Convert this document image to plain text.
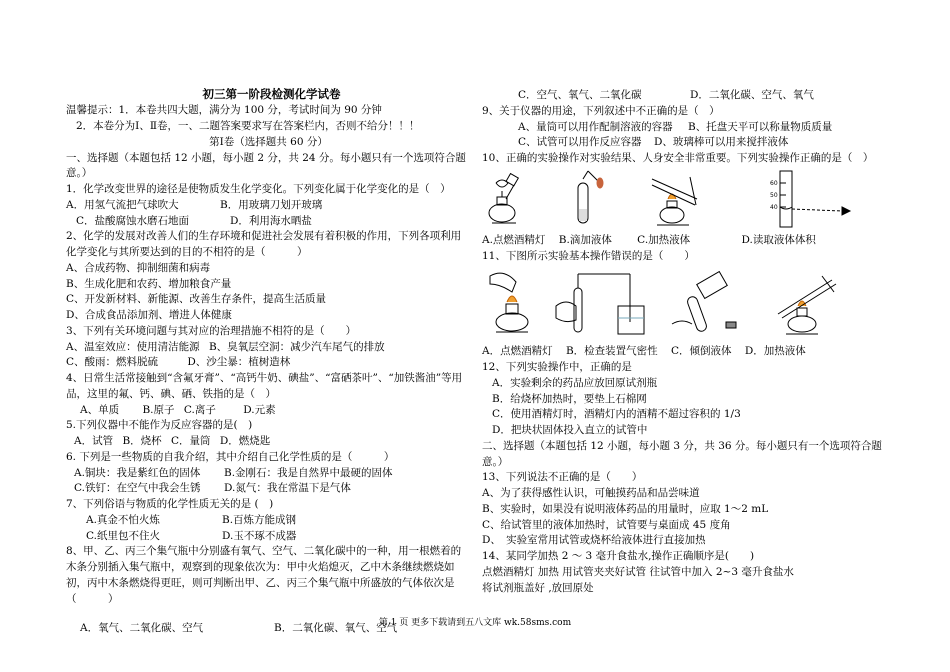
初三第一阶段检测化学试卷

温馨提示：1．本卷共四大题，满分为 100 分，考试时间为 90 分钟

2．本卷分为Ⅰ、Ⅱ卷，一、二题答案要求写在答案栏内，否则不给分！！！

第Ⅰ卷（选择题共 60 分）

一、选择题（本题包括 12 小题，每小题 2 分，共 24 分。每小题只有一个选项符合题意。）

1．化学改变世界的途径是使物质发生化学变化。下列变化属于化学变化的是（　）

A．用氢气流把气球吹大	B．用玻璃刀划开玻璃

C．盐酸腐蚀水磨石地面	D．利用海水晒盐

2、化学的发展对改善人们的生存环境和促进社会发展有着积极的作用，下列各项利用化学变化与其所要达到的目的不相符的是（　　　）

A、合成药物、抑制细菌和病毒

B、生成化肥和农药、增加粮食产量

C、开发新材料、新能源、改善生存条件，提高生活质量

D、合成食品添加剂、增进人体健康

3、下列有关环境问题与其对应的治理措施不相符的是（　　）

A、温室效应：使用清洁能源 B、臭氧层空洞：减少汽车尾气的排放

C、酸雨：燃料脱硫	D、沙尘暴：植树造林

4、日常生活常接触到“含氟牙膏”、“高钙牛奶、碘盐”、“富硒茶叶”、“加铁酱油”等用品，这里的氟、钙、碘、硒、铁指的是（　）

A、单质 B.原子 C.离子	D.元素

5.下列仪器中不能作为反应容器的是(　)

A．试管 B．烧杯 C．量筒 D．燃烧匙

6. 下列是一些物质的自我介绍，其中介绍自己化学性质的是（　　　）

A.铜块：我是紫红色的固体	B.金刚石：我是自然界中最硬的固体

C.铁钉：在空气中我会生锈	D.氮气：我在常温下是气体

7、下列俗语与物质的化学性质无关的是 (　)

A.真金不怕火炼	B.百炼方能成钢

C.纸里包不住火	D.玉不琢不成器

8、甲、乙、丙三个集气瓶中分别盛有氧气、空气、二氧化碳中的一种，用一根燃着的木条分别插入集气瓶中，观察到的现象依次为：甲中火焰熄灭，乙中木条继续燃烧如初，丙中木条燃烧得更旺，则可判断出甲、乙、丙三个集气瓶中所盛放的气体依次是（　　　）

A．氧气、二氧化碳、空气	B．二氧化碳、氧气、空气

C．空气、氧气、二氧化碳	D．二氧化碳、空气、氧气

9、关于仪器的用途，下列叙述中不正确的是（　）

A、量筒可以用作配制溶液的容器	B、托盘天平可以称量物质质量

C、试管可以用作反应容器	D、玻璃棒可以用来搅拌液体

10、正确的实验操作对实验结果、人身安全非常重要。下列实验操作正确的是（　）

60
50
40

A.点燃酒精灯 B.滴加液体 C.加热液体	D.读取液体体积

11、下图所示实验基本操作错误的是（　　）

A．点燃酒精灯 B．检查装置气密性 C．倾倒液体 D．加热液体

12、下列实验操作中，正确的是

A．实验剩余的药品应放回原试剂瓶

B．给烧杯加热时，要垫上石棉网

C．使用酒精灯时，酒精灯内的酒精不超过容积的 1/3

D．把块状固体投入直立的试管中

二、选择题（本题包括 12 小题，每小题 3 分，共 36 分。每小题只有一个选项符合题意。）

13、下列说法不正确的是（　　）

A、为了获得感性认识，可触摸药品和品尝味道

B、实验时，如果没有说明液体药品的用量时，应取 1～2 mL

C、给试管里的液体加热时，试管要与桌面成 45 度角

D、　实验室常用试管或烧杯给液体进行直接加热

14、某同学加热 2 ～ 3 毫升食盐水,操作正确顺序是(　　)

点燃酒精灯 加热 用试管夹夹好试管 往试管中加入 2~3 毫升食盐水

将试剂瓶盖好 ,放回原处

第 1 页 更多下载请到五八文库 wk.58sms.com
